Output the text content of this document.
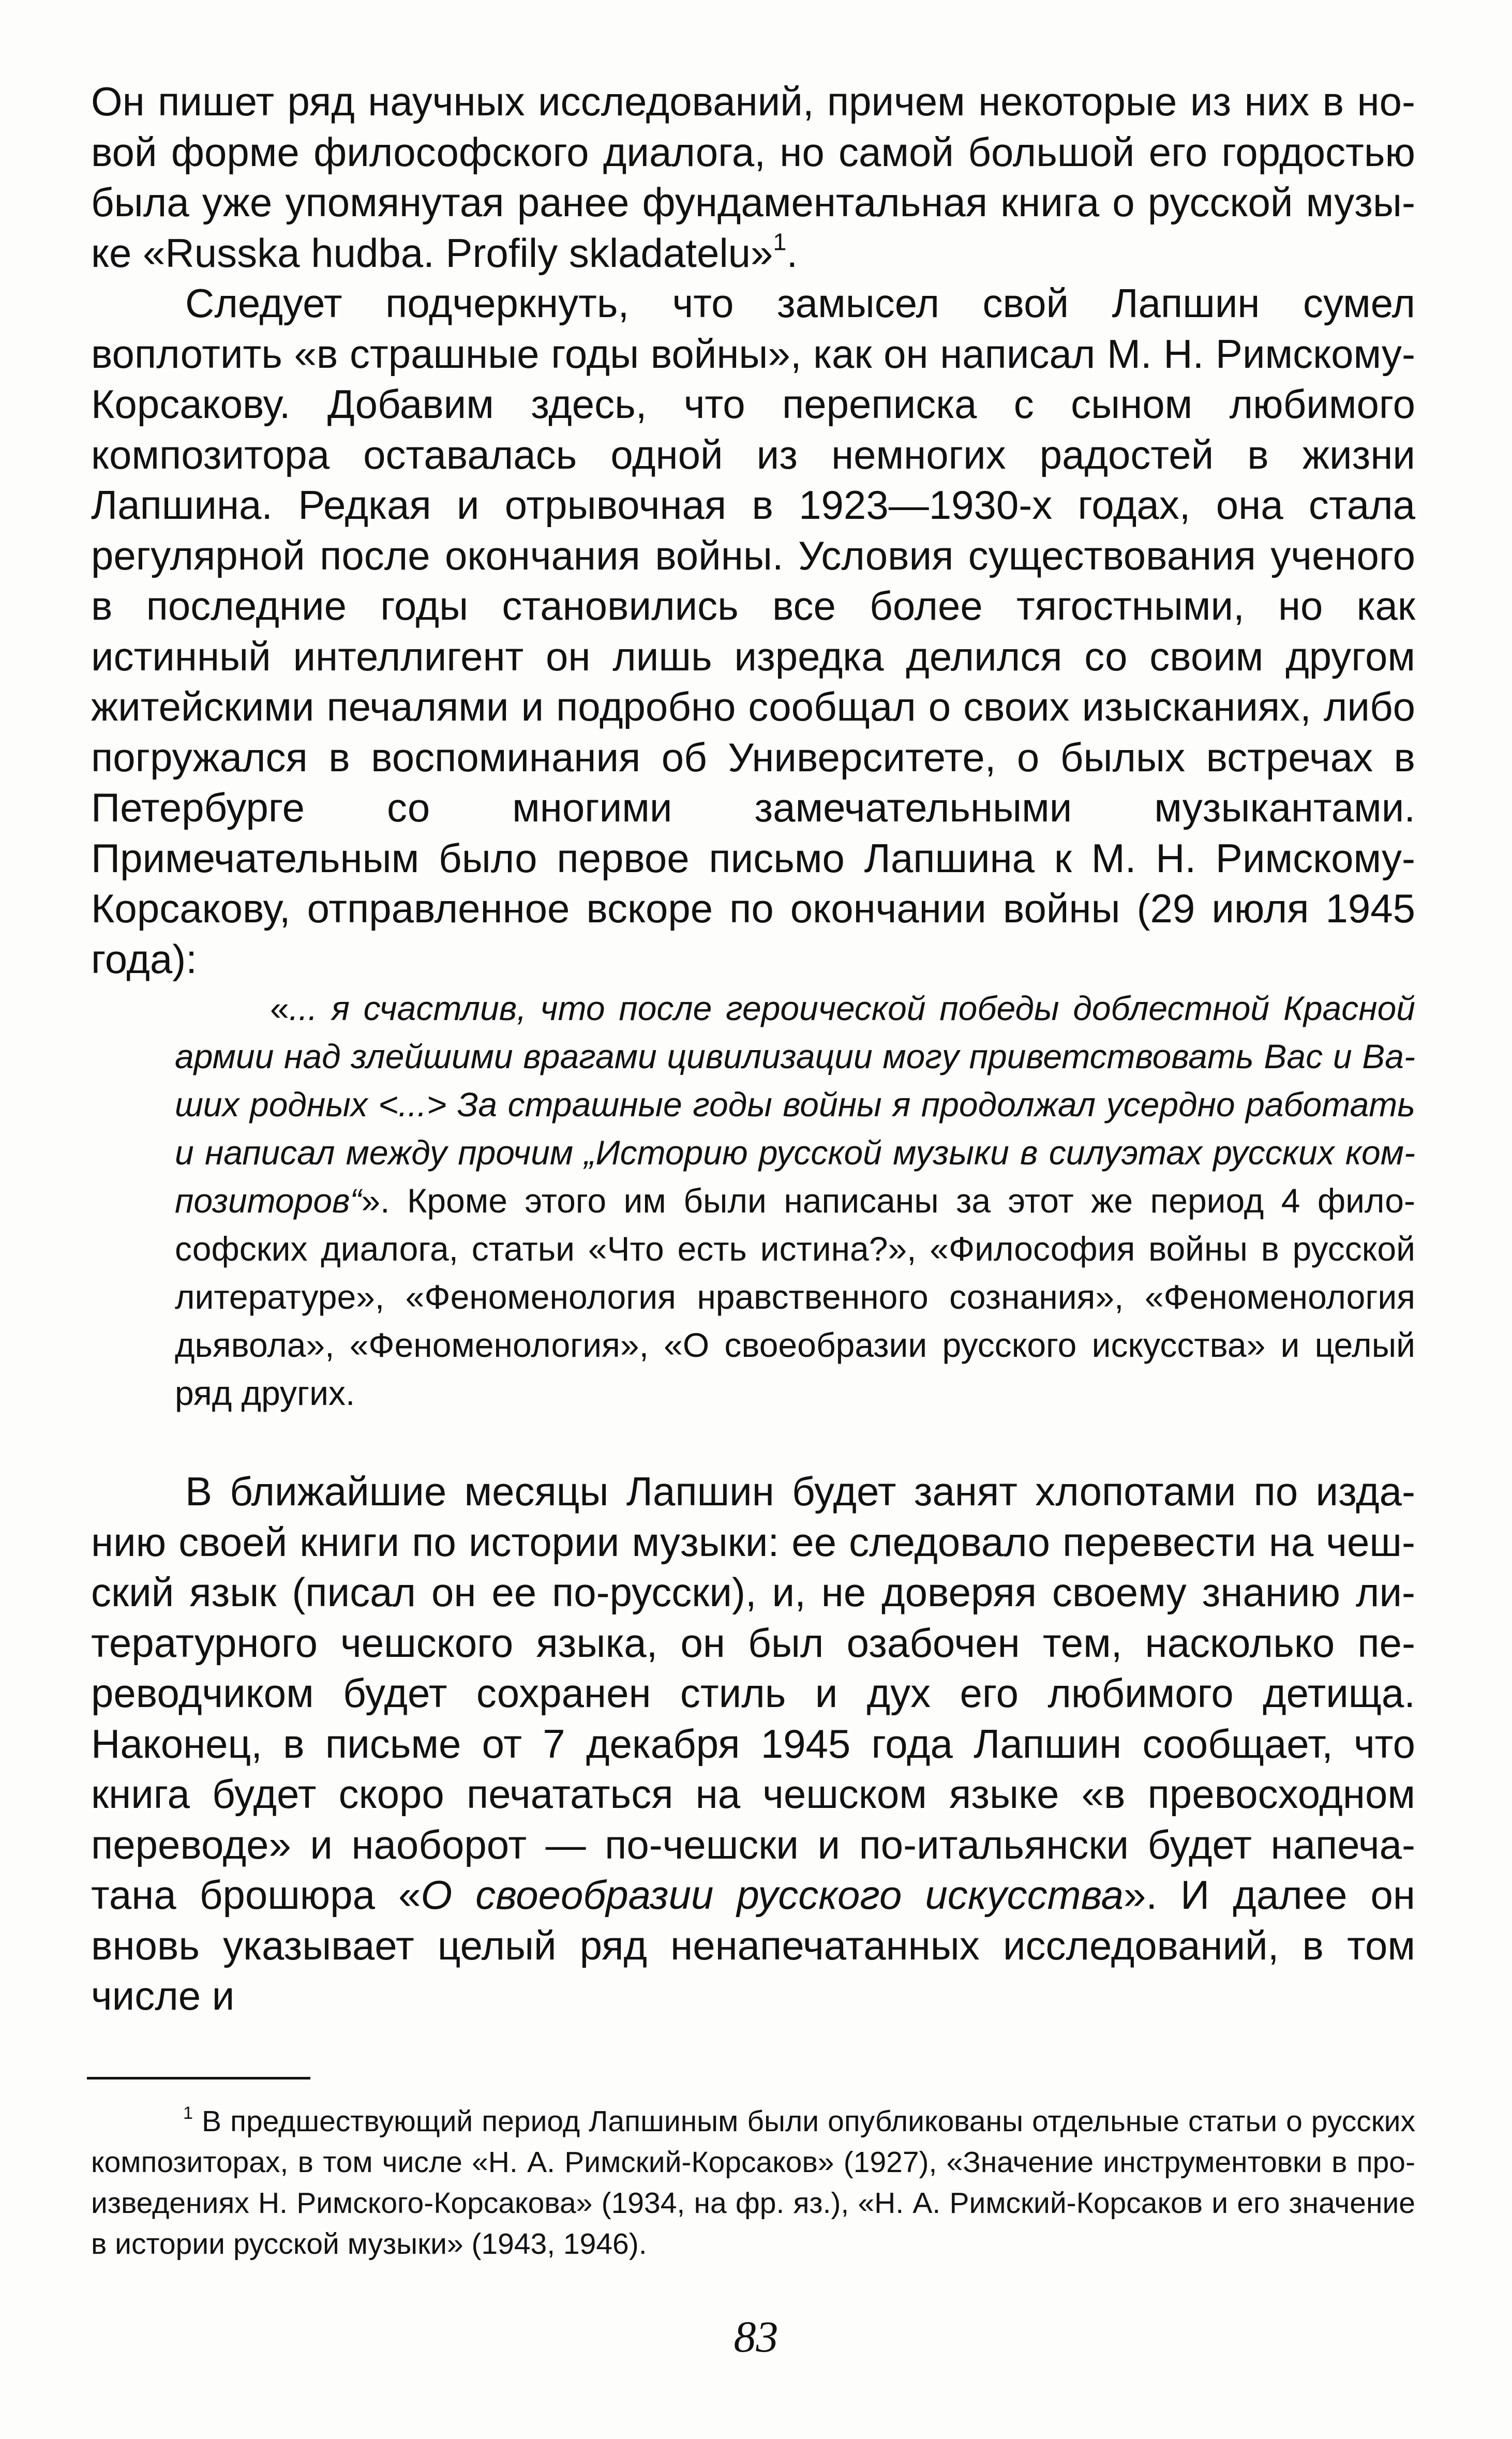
Он пишет ряд научных исследований, причем некоторые из них в новой форме философского диалога, но самой большой его гордостью была уже упомянутая ранее фундаментальная книга о русской музыке «Russka hudba. Profily skladatelu»$^1$.

Следует подчеркнуть, что замысел свой Лапшин сумел воплотить «в страшные годы войны», как он написал М. Н. Римскому-Корсакову. Добавим здесь, что переписка с сыном любимого композитора оставалась одной из немногих радостей в жизни Лапшина. Редкая и отрывочная в 1923—1930-х годах, она стала регулярной после окончания войны. Условия существования ученого в последние годы становились все более тягостными, но как истинный интеллигент он лишь изредка делился со своим другом житейскими печалями и подробно сообщал о своих изысканиях, либо погружался в воспоминания об Университете, о былых встречах в Петербурге со многими замечательными музыкантами. Примечательным было первое письмо Лапшина к М. Н. Римскому-Корсакову, отправленное вскоре по окончании войны (29 июля 1945 года):

«... я счастлив, что после героической победы доблестной Красной армии над злейшими врагами цивилизации могу приветствовать Вас и Ваших родных <...> За страшные годы войны я продолжал усердно работать и написал между прочим „Историю русской музыки в силуэтах русских композиторов“». Кроме этого им были написаны за этот же период 4 философских диалога, статьи «Что есть истина?», «Философия войны в русской литературе», «Феноменология нравственного сознания», «Феноменология дьявола», «Феноменология», «О своеобразии русского искусства» и целый ряд других.

В ближайшие месяцы Лапшин будет занят хлопотами по изданию своей книги по истории музыки: ее следовало перевести на чешский язык (писал он ее по-русски), и, не доверяя своему знанию литературного чешского языка, он был озабочен тем, насколько переводчиком будет сохранен стиль и дух его любимого детища. Наконец, в письме от 7 декабря 1945 года Лапшин сообщает, что книга будет скоро печататься на чешском языке «в превосходном переводе» и наоборот — по-чешски и по-итальянски будет напечатана брошюра «О своеобразии русского искусства». И далее он вновь указывает целый ряд ненапечатанных исследований, в том числе и

$^1$ В предшествующий период Лапшиным были опубликованы отдельные статьи о русских композиторах, в том числе «Н. А. Римский-Корсаков» (1927), «Значение инструментовки в произведениях Н. Римского-Корсакова» (1934, на фр. яз.), «Н. А. Римский-Корсаков и его значение в истории русской музыки» (1943, 1946).

83
